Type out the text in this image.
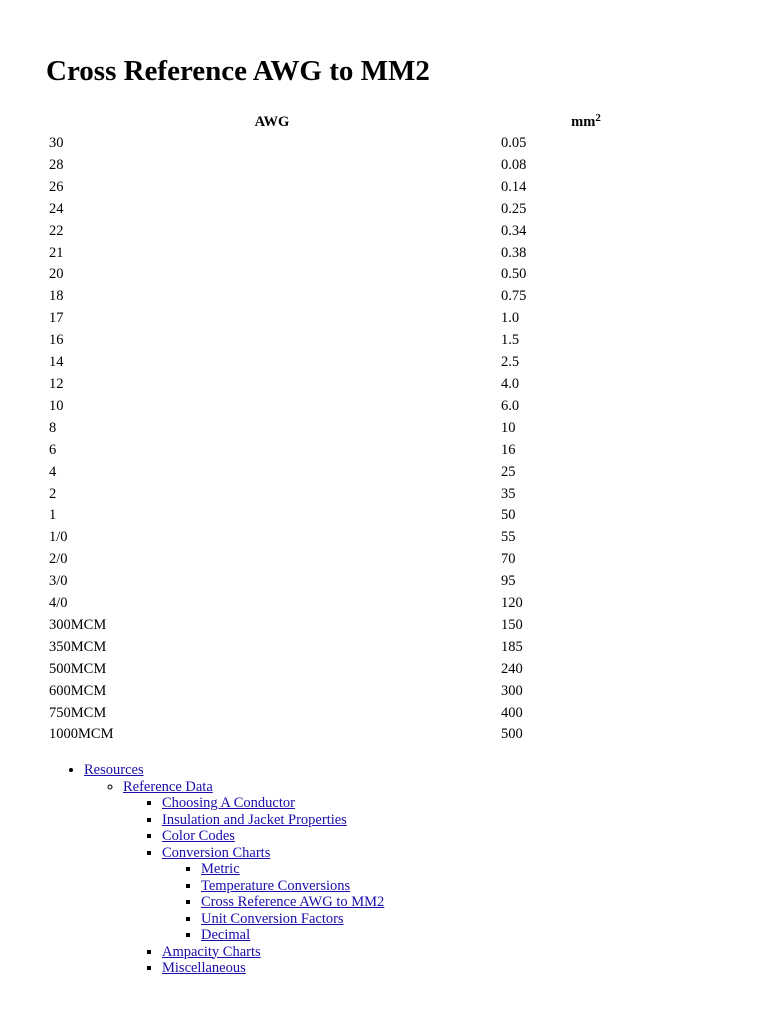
Cross Reference AWG to MM2
AWG	$mm^2$
30	0.05
28	0.08
26	0.14
24	0.25
22	0.34
21	0.38
20	0.50
18	0.75
17	1.0
16	1.5
14	2.5
12	4.0
10	6.0
8	10
6	16
4	25
2	35
1	50
1/0	55
2/0	70
3/0	95
4/0	120
300MCM	150
350MCM	185
500MCM	240
600MCM	300
750MCM	400
1000MCM	500
• Resources
◦ Reference Data
▪ Choosing A Conductor
▪ Insulation and Jacket Properties
▪ Color Codes
▪ Conversion Charts
▪ Metric
▪ Temperature Conversions
▪ Cross Reference AWG to MM2
▪ Unit Conversion Factors
▪ Decimal
▪ Ampacity Charts
▪ Miscellaneous
